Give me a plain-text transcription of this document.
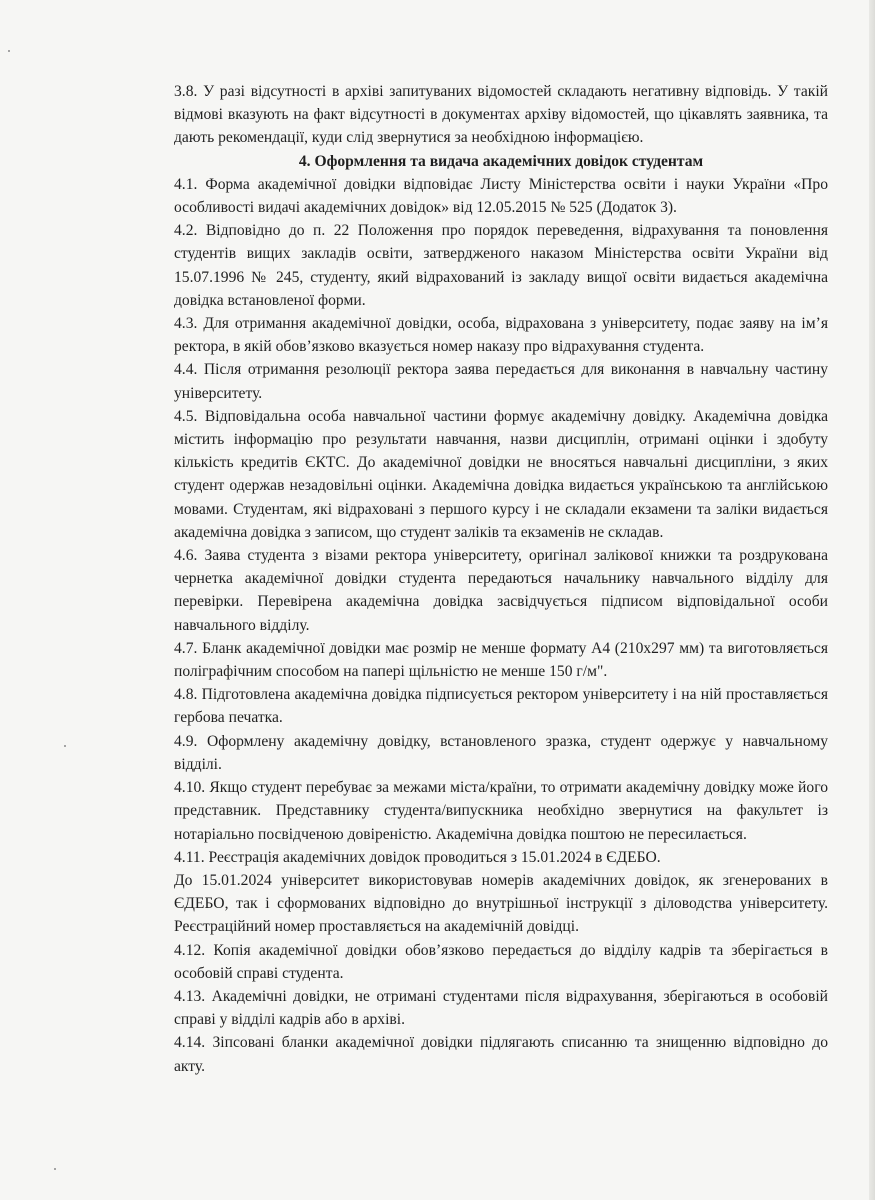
3.8. У разі відсутності в архіві запитуваних відомостей складають негативну відповідь. У такій відмові вказують на факт відсутності в документах архіву відомостей, що цікавлять заявника, та дають рекомендації, куди слід звернутися за необхідною інформацією.

4. Оформлення та видача академічних довідок студентам

4.1. Форма академічної довідки відповідає Листу Міністерства освіти і науки України «Про особливості видачі академічних довідок» від 12.05.2015 № 525 (Додаток 3).

4.2. Відповідно до п. 22 Положення про порядок переведення, відрахування та поновлення студентів вищих закладів освіти, затвердженого наказом Міністерства освіти України від 15.07.1996 № 245, студенту, який відрахований із закладу вищої освіти видається академічна довідка встановленої форми.

4.3. Для отримання академічної довідки, особа, відрахована з університету, подає заяву на ім’я ректора, в якій обов’язково вказується номер наказу про відрахування студента.

4.4. Після отримання резолюції ректора заява передається для виконання в навчальну частину університету.

4.5. Відповідальна особа навчальної частини формує академічну довідку. Академічна довідка містить інформацію про результати навчання, назви дисциплін, отримані оцінки і здобуту кількість кредитів ЄКТС. До академічної довідки не вносяться навчальні дисципліни, з яких студент одержав незадовільні оцінки. Академічна довідка видається українською та англійською мовами. Студентам, які відраховані з першого курсу і не складали екзамени та заліки видається академічна довідка з записом, що студент заліків та екзаменів не складав.

4.6. Заява студента з візами ректора університету, оригінал залікової книжки та роздрукована чернетка академічної довідки студента передаються начальнику навчального відділу для перевірки. Перевірена академічна довідка засвідчується підписом відповідальної особи навчального відділу.

4.7. Бланк академічної довідки має розмір не менше формату А4 (210х297 мм) та виготовляється поліграфічним способом на папері щільністю не менше 150 г/м".

4.8. Підготовлена академічна довідка підписується ректором університету і на ній проставляється гербова печатка.

4.9. Оформлену академічну довідку, встановленого зразка, студент одержує у навчальному відділі.

4.10. Якщо студент перебуває за межами міста/країни, то отримати академічну довідку може його представник. Представнику студента/випускника необхідно звернутися на факультет із нотаріально посвідченою довіреністю. Академічна довідка поштою не пересилається.

4.11. Реєстрація академічних довідок проводиться з 15.01.2024 в ЄДЕБО.

До 15.01.2024 університет використовував номерів академічних довідок, як згенерованих в ЄДЕБО, так і сформованих відповідно до внутрішньої інструкції з діловодства університету. Реєстраційний номер проставляється на академічній довідці.

4.12. Копія академічної довідки обов’язково передається до відділу кадрів та зберігається в особовій справі студента.

4.13. Академічні довідки, не отримані студентами після відрахування, зберігаються в особовій справі у відділі кадрів або в архіві.

4.14. Зіпсовані бланки академічної довідки підлягають списанню та знищенню відповідно до акту.
